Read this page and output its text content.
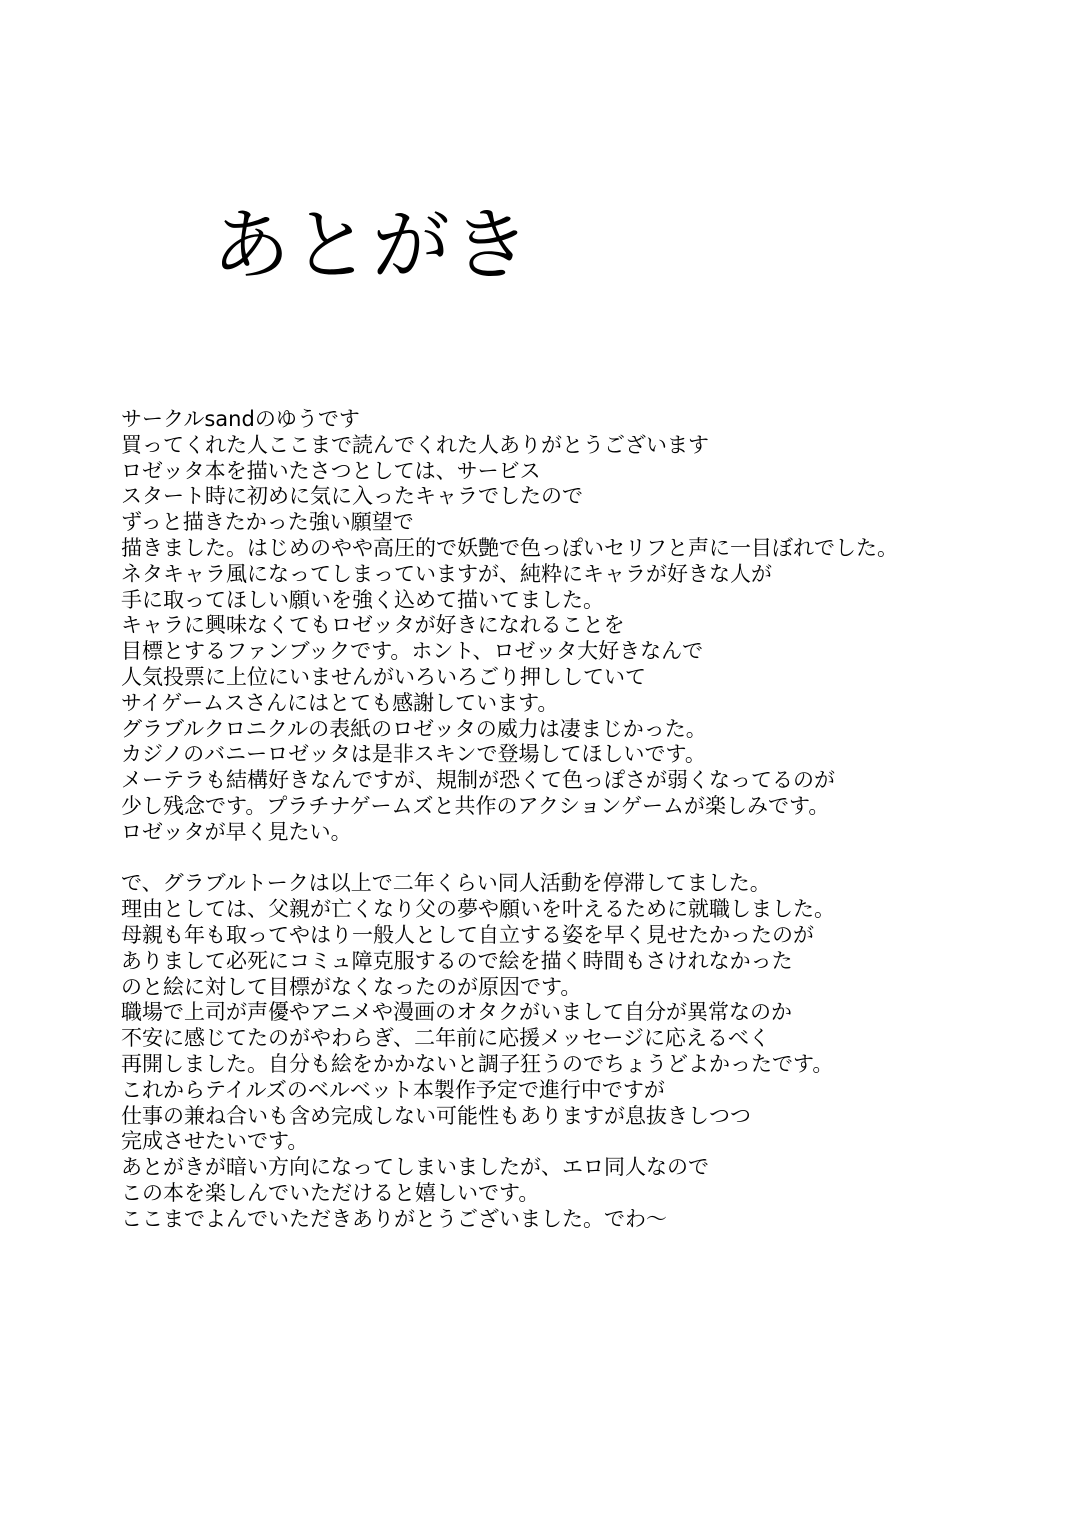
あとがき
サークルsandのゆうです
買ってくれた人ここまで読んでくれた人ありがとうございます
ロゼッタ本を描いたさつとしては、サービス
スタート時に初めに気に入ったキャラでしたので
ずっと描きたかった強い願望で
描きました。はじめのやや高圧的で妖艶で色っぽいセリフと声に一目ぼれでした。
ネタキャラ風になってしまっていますが、純粋にキャラが好きな人が
手に取ってほしい願いを強く込めて描いてました。
キャラに興味なくてもロゼッタが好きになれることを
目標とするファンブックです。ホント、ロゼッタ大好きなんで
人気投票に上位にいませんがいろいろごり押ししていて
サイゲームスさんにはとても感謝しています。
グラブルクロニクルの表紙のロゼッタの威力は凄まじかった。
カジノのバニーロゼッタは是非スキンで登場してほしいです。
メーテラも結構好きなんですが、規制が恐くて色っぽさが弱くなってるのが
少し残念です。プラチナゲームズと共作のアクションゲームが楽しみです。
ロゼッタが早く見たい。
で、グラブルトークは以上で二年くらい同人活動を停滞してました。
理由としては、父親が亡くなり父の夢や願いを叶えるために就職しました。
母親も年も取ってやはり一般人として自立する姿を早く見せたかったのが
ありまして必死にコミュ障克服するので絵を描く時間もさけれなかった
のと絵に対して目標がなくなったのが原因です。
職場で上司が声優やアニメや漫画のオタクがいまして自分が異常なのか
不安に感じてたのがやわらぎ、二年前に応援メッセージに応えるべく
再開しました。自分も絵をかかないと調子狂うのでちょうどよかったです。
これからテイルズのベルベット本製作予定で進行中ですが
仕事の兼ね合いも含め完成しない可能性もありますが息抜きしつつ
完成させたいです。
あとがきが暗い方向になってしまいましたが、エロ同人なので
この本を楽しんでいただけると嬉しいです。
ここまでよんでいただきありがとうございました。でわ～
